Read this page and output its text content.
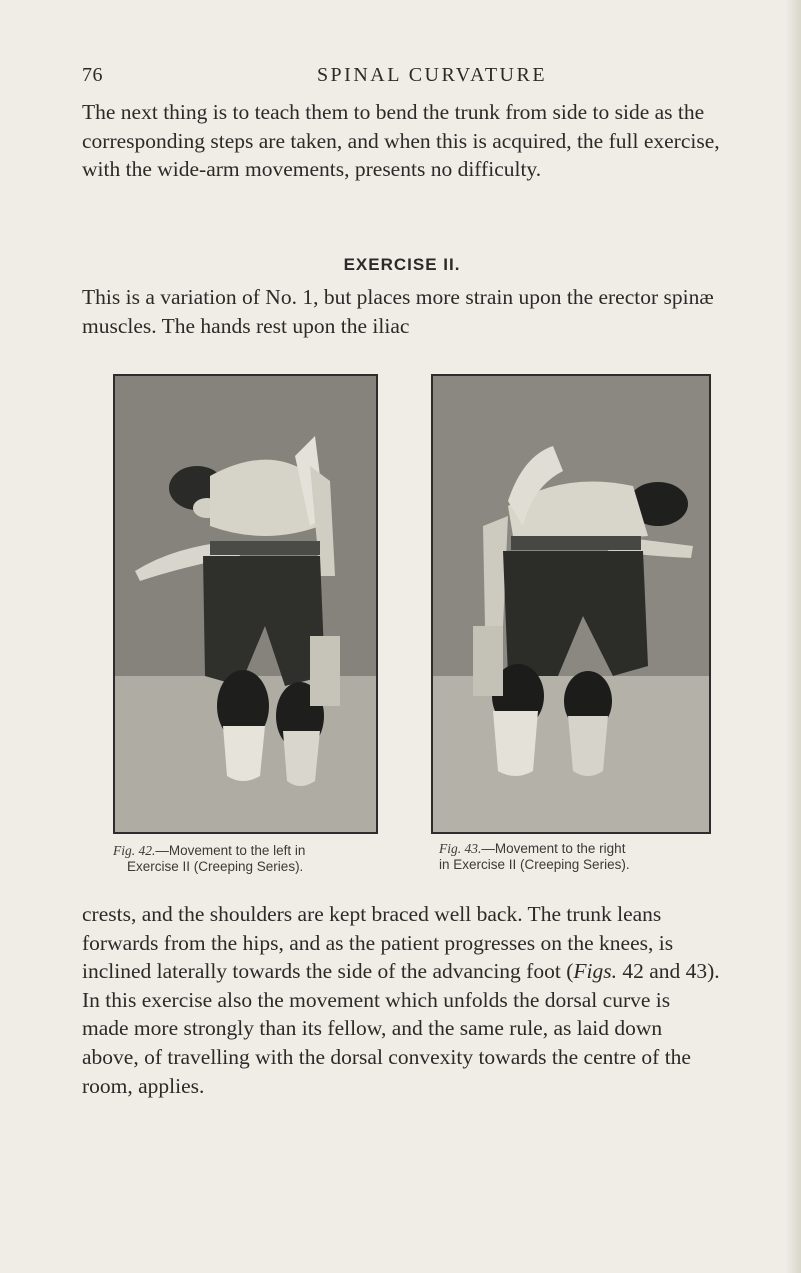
76	SPINAL CURVATURE

The next thing is to teach them to bend the trunk from side to side as the corresponding steps are taken, and when this is acquired, the full exercise, with the wide-arm movements, presents no difficulty.

EXERCISE II.

This is a variation of No. 1, but places more strain upon the erector spinæ muscles. The hands rest upon the iliac

Fig. 42.—Movement to the left in
Exercise II (Creeping Series).
Fig. 43.—Movement to the right
in Exercise II (Creeping Series).

crests, and the shoulders are kept braced well back. The trunk leans forwards from the hips, and as the patient progresses on the knees, is inclined laterally towards the side of the advancing foot (Figs. 42 and 43). In this exercise also the movement which unfolds the dorsal curve is made more strongly than its fellow, and the same rule, as laid down above, of travelling with the dorsal convexity towards the centre of the room, applies.
